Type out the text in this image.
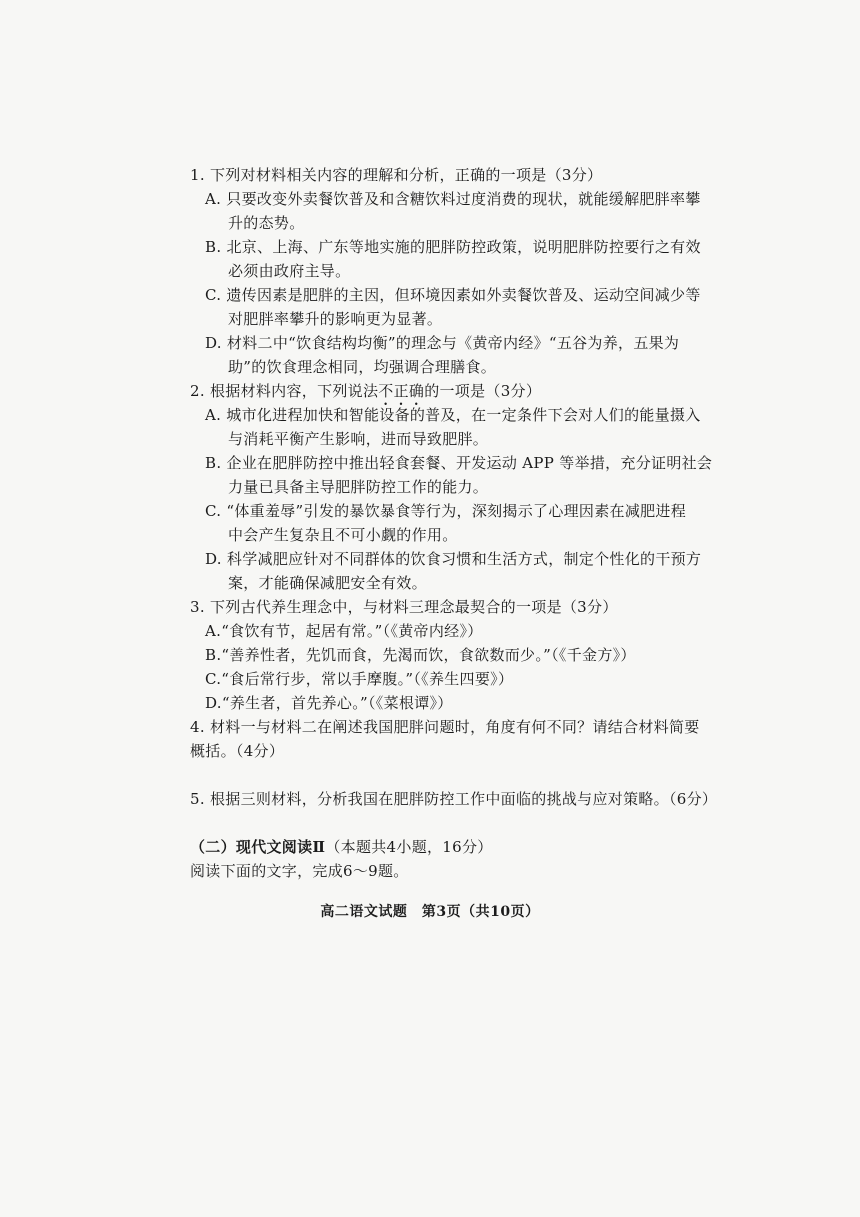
1. 下列对材料相关内容的理解和分析，正确的一项是（3分）
A. 只要改变外卖餐饮普及和含糖饮料过度消费的现状，就能缓解肥胖率攀
升的态势。
B. 北京、上海、广东等地实施的肥胖防控政策，说明肥胖防控要行之有效
必须由政府主导。
C. 遗传因素是肥胖的主因，但环境因素如外卖餐饮普及、运动空间减少等
对肥胖率攀升的影响更为显著。
D. 材料二中“饮食结构均衡”的理念与《黄帝内经》“五谷为养，五果为
助”的饮食理念相同，均强调合理膳食。
2. 根据材料内容，下列说法不正确的一项是（3分）
A. 城市化进程加快和智能设备的普及，在一定条件下会对人们的能量摄入
与消耗平衡产生影响，进而导致肥胖。
B. 企业在肥胖防控中推出轻食套餐、开发运动 APP 等举措，充分证明社会
力量已具备主导肥胖防控工作的能力。
C. “体重羞辱”引发的暴饮暴食等行为，深刻揭示了心理因素在减肥进程
中会产生复杂且不可小觑的作用。
D. 科学减肥应针对不同群体的饮食习惯和生活方式，制定个性化的干预方
案，才能确保减肥安全有效。
3. 下列古代养生理念中，与材料三理念最契合的一项是（3分）
A.“食饮有节，起居有常。”（《黄帝内经》）
B.“善养性者，先饥而食，先渴而饮，食欲数而少。”（《千金方》）
C.“食后常行步，常以手摩腹。”（《养生四要》）
D.“养生者，首先养心。”（《菜根谭》）
4. 材料一与材料二在阐述我国肥胖问题时，角度有何不同？请结合材料简要
概括。（4分）
5. 根据三则材料，分析我国在肥胖防控工作中面临的挑战与应对策略。（6分）
（二）现代文阅读Ⅱ（本题共4小题，16分）
阅读下面的文字，完成6～9题。
高二语文试题　第3页（共10页）
